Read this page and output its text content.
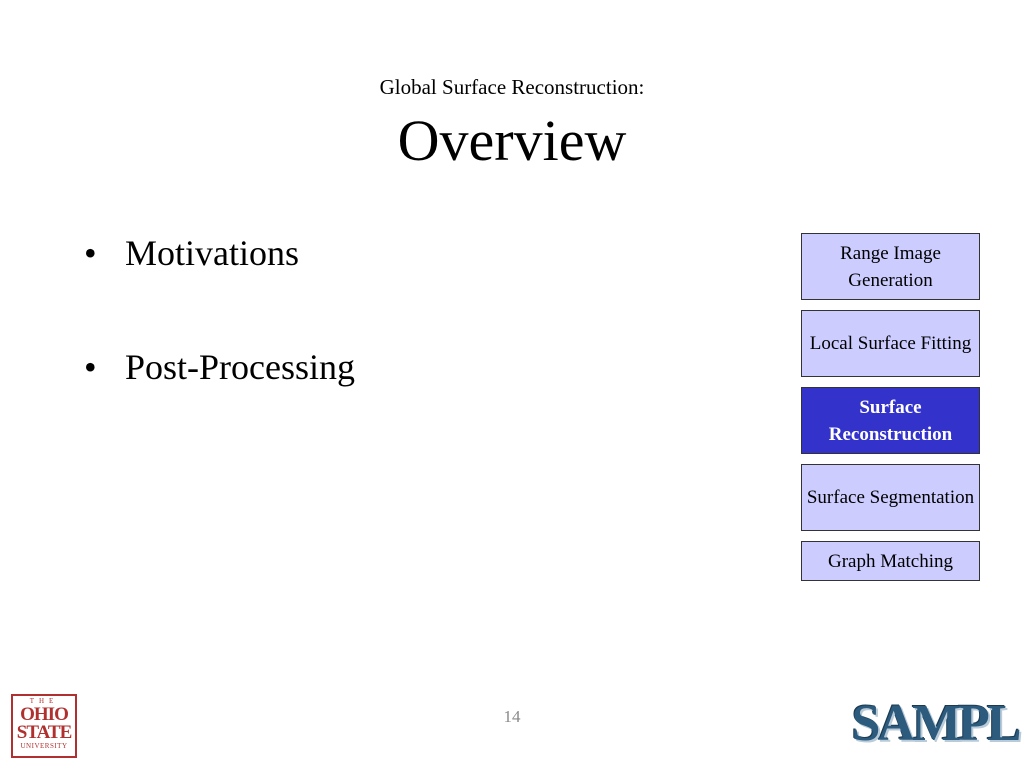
Global Surface Reconstruction:
Overview
• Motivations
• Post-Processing
Range Image Generation
Local Surface Fitting
Surface Reconstruction
Surface Segmentation
Graph Matching
14
THE
OHIO
STATE
UNIVERSITY	SAMPL
